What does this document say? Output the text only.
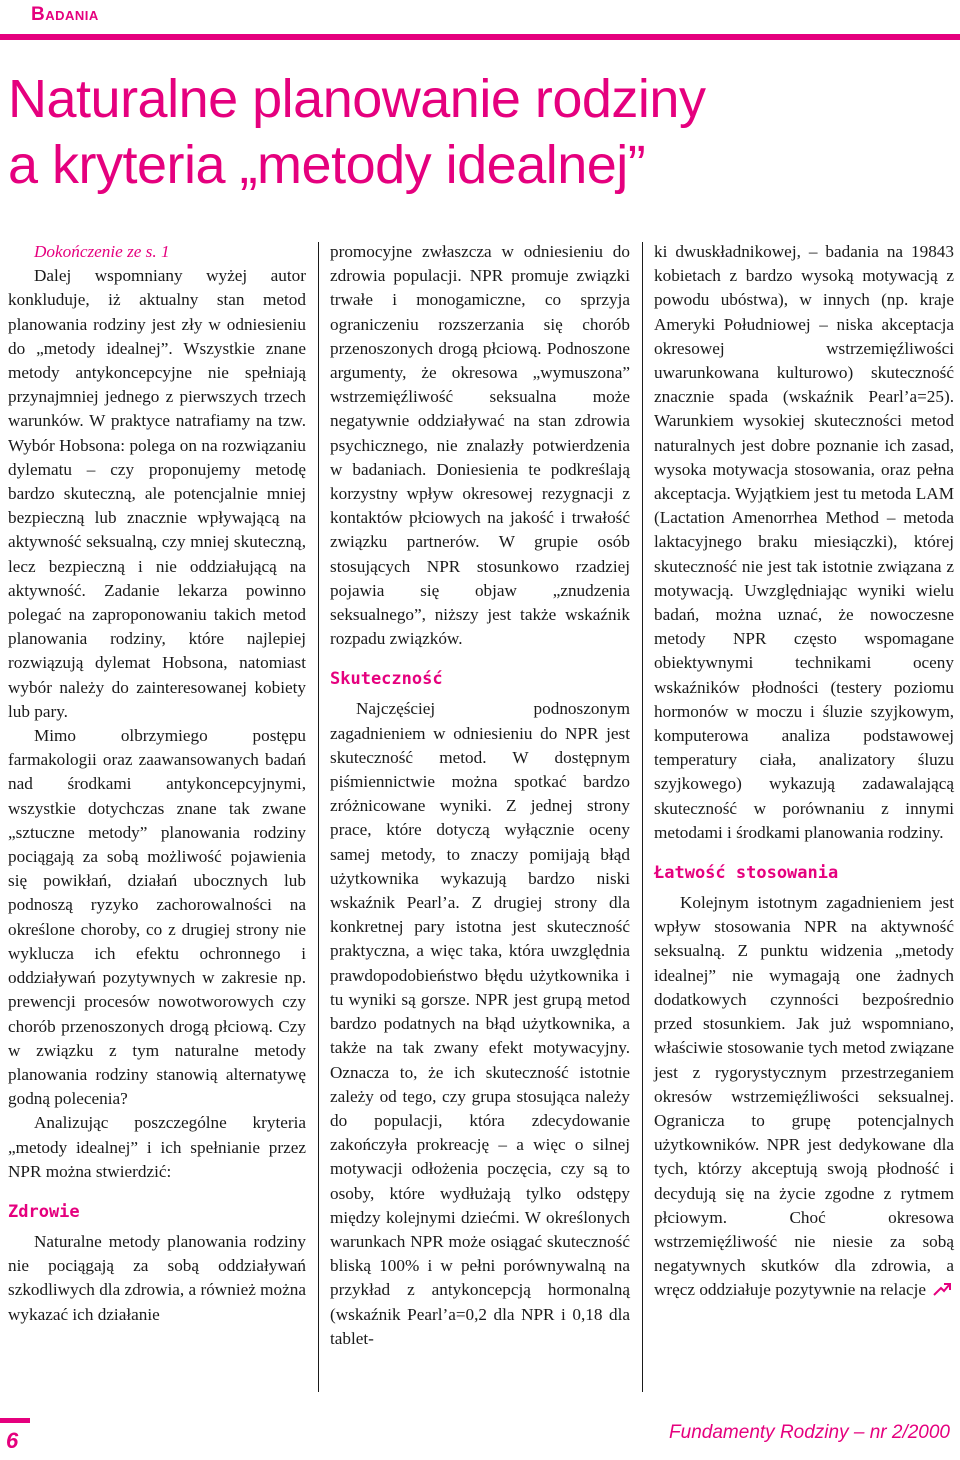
Badania
Naturalne planowanie rodziny
a kryteria „metody idealnej”

Dokończenie ze s. 1

Dalej wspomniany wyżej autor konkluduje, iż aktualny stan metod planowania rodziny jest zły w odniesieniu do „metody idealnej”. Wszystkie znane metody antykoncepcyjne nie spełniają przynajmniej jednego z pierwszych trzech warunków. W praktyce natrafiamy na tzw. Wybór Hobsona: polega on na rozwiązaniu dylematu – czy proponujemy metodę bardzo skuteczną, ale potencjalnie mniej bezpieczną lub znacznie wpływającą na aktywność seksualną, czy mniej skuteczną, lecz bezpieczną i nie oddziałującą na aktywność. Zadanie lekarza powinno polegać na zaproponowaniu takich metod planowania rodziny, które najlepiej rozwiązują dylemat Hobsona, natomiast wybór należy do zainteresowanej kobiety lub pary.

Mimo olbrzymiego postępu farmakologii oraz zaawansowanych badań nad środkami antykoncepcyjnymi, wszystkie dotychczas znane tak zwane „sztuczne metody” planowania rodziny pociągają za sobą możliwość pojawienia się powikłań, działań ubocznych lub podnoszą ryzyko zachorowalności na określone choroby, co z drugiej strony nie wyklucza ich efektu ochronnego i oddziaływań pozytywnych w zakresie np. prewencji procesów nowotworowych czy chorób przenoszonych drogą płciową. Czy w związku z tym naturalne metody planowania rodziny stanowią alternatywę godną polecenia?

Analizując poszczególne kryteria „metody idealnej” i ich spełnianie przez NPR można stwierdzić:

Zdrowie

Naturalne metody planowania rodziny nie pociągają za sobą oddziaływań szkodliwych dla zdrowia, a również można wykazać ich działanie

promocyjne zwłaszcza w odniesieniu do zdrowia populacji. NPR promuje związki trwałe i monogamiczne, co sprzyja ograniczeniu rozszerzania się chorób przenoszonych drogą płciową. Podnoszone argumenty, że okresowa „wymuszona” wstrzemięźliwość seksualna może negatywnie oddziaływać na stan zdrowia psychicznego, nie znalazły potwierdzenia w badaniach. Doniesienia te podkreślają korzystny wpływ okresowej rezygnacji z kontaktów płciowych na jakość i trwałość związku partnerów. W grupie osób stosujących NPR stosunkowo rzadziej pojawia się objaw „znudzenia seksualnego”, niższy jest także wskaźnik rozpadu związków.

Skuteczność

Najczęściej podnoszonym zagadnieniem w odniesieniu do NPR jest skuteczność metod. W dostępnym piśmiennictwie można spotkać bardzo zróżnicowane wyniki. Z jednej strony prace, które dotyczą wyłącznie oceny samej metody, to znaczy pomijają błąd użytkownika wykazują bardzo niski wskaźnik Pearl’a. Z drugiej strony dla konkretnej pary istotna jest skuteczność praktyczna, a więc taka, która uwzględnia prawdopodobieństwo błędu użytkownika i tu wyniki są gorsze. NPR jest grupą metod bardzo podatnych na błąd użytkownika, a także na tak zwany efekt motywacyjny. Oznacza to, że ich skuteczność istotnie zależy od tego, czy grupa stosująca należy do populacji, która zdecydowanie zakończyła prokreację – a więc o silnej motywacji odłożenia poczęcia, czy są to osoby, które wydłużają tylko odstępy między kolejnymi dziećmi. W określonych warunkach NPR może osiągać skuteczność bliską 100% i w pełni porównywalną na przykład z antykoncepcją hormonalną (wskaźnik Pearl’a=0,2 dla NPR i 0,18 dla tablet-

ki dwuskładnikowej, – badania na 19843 kobietach z bardzo wysoką motywacją z powodu ubóstwa), w innych (np. kraje Ameryki Południowej – niska akceptacja okresowej wstrzemięźliwości uwarunkowana kulturowo) skuteczność znacznie spada (wskaźnik Pearl’a=25). Warunkiem wysokiej skuteczności metod naturalnych jest dobre poznanie ich zasad, wysoka motywacja stosowania, oraz pełna akceptacja. Wyjątkiem jest tu metoda LAM (Lactation Amenorrhea Method – metoda laktacyjnego braku miesiączki), której skuteczność nie jest tak istotnie związana z motywacją. Uwzględniając wyniki wielu badań, można uznać, że nowoczesne metody NPR często wspomagane obiektywnymi technikami oceny wskaźników płodności (testery poziomu hormonów w moczu i śluzie szyjkowym, komputerowa analiza podstawowej temperatury ciała, analizatory śluzu szyjkowego) wykazują zadawalającą skuteczność w porównaniu z innymi metodami i środkami planowania rodziny.

Łatwość stosowania

Kolejnym istotnym zagadnieniem jest wpływ stosowania NPR na aktywność seksualną. Z punktu widzenia „metody idealnej” nie wymagają one żadnych dodatkowych czynności bezpośrednio przed stosunkiem. Jak już wspomniano, właściwie stosowanie tych metod związane jest z rygorystycznym przestrzeganiem okresów wstrzemięźliwości seksualnej. Ogranicza to grupę potencjalnych użytkowników. NPR jest dedykowane dla tych, którzy akceptują swoją płodność i decydują się na życie zgodne z rytmem płciowym. Choć okresowa wstrzemięźliwość nie niesie za sobą negatywnych skutków dla zdrowia, a wręcz oddziałuje pozytywnie na relacje

6	Fundamenty Rodziny – nr 2/2000
